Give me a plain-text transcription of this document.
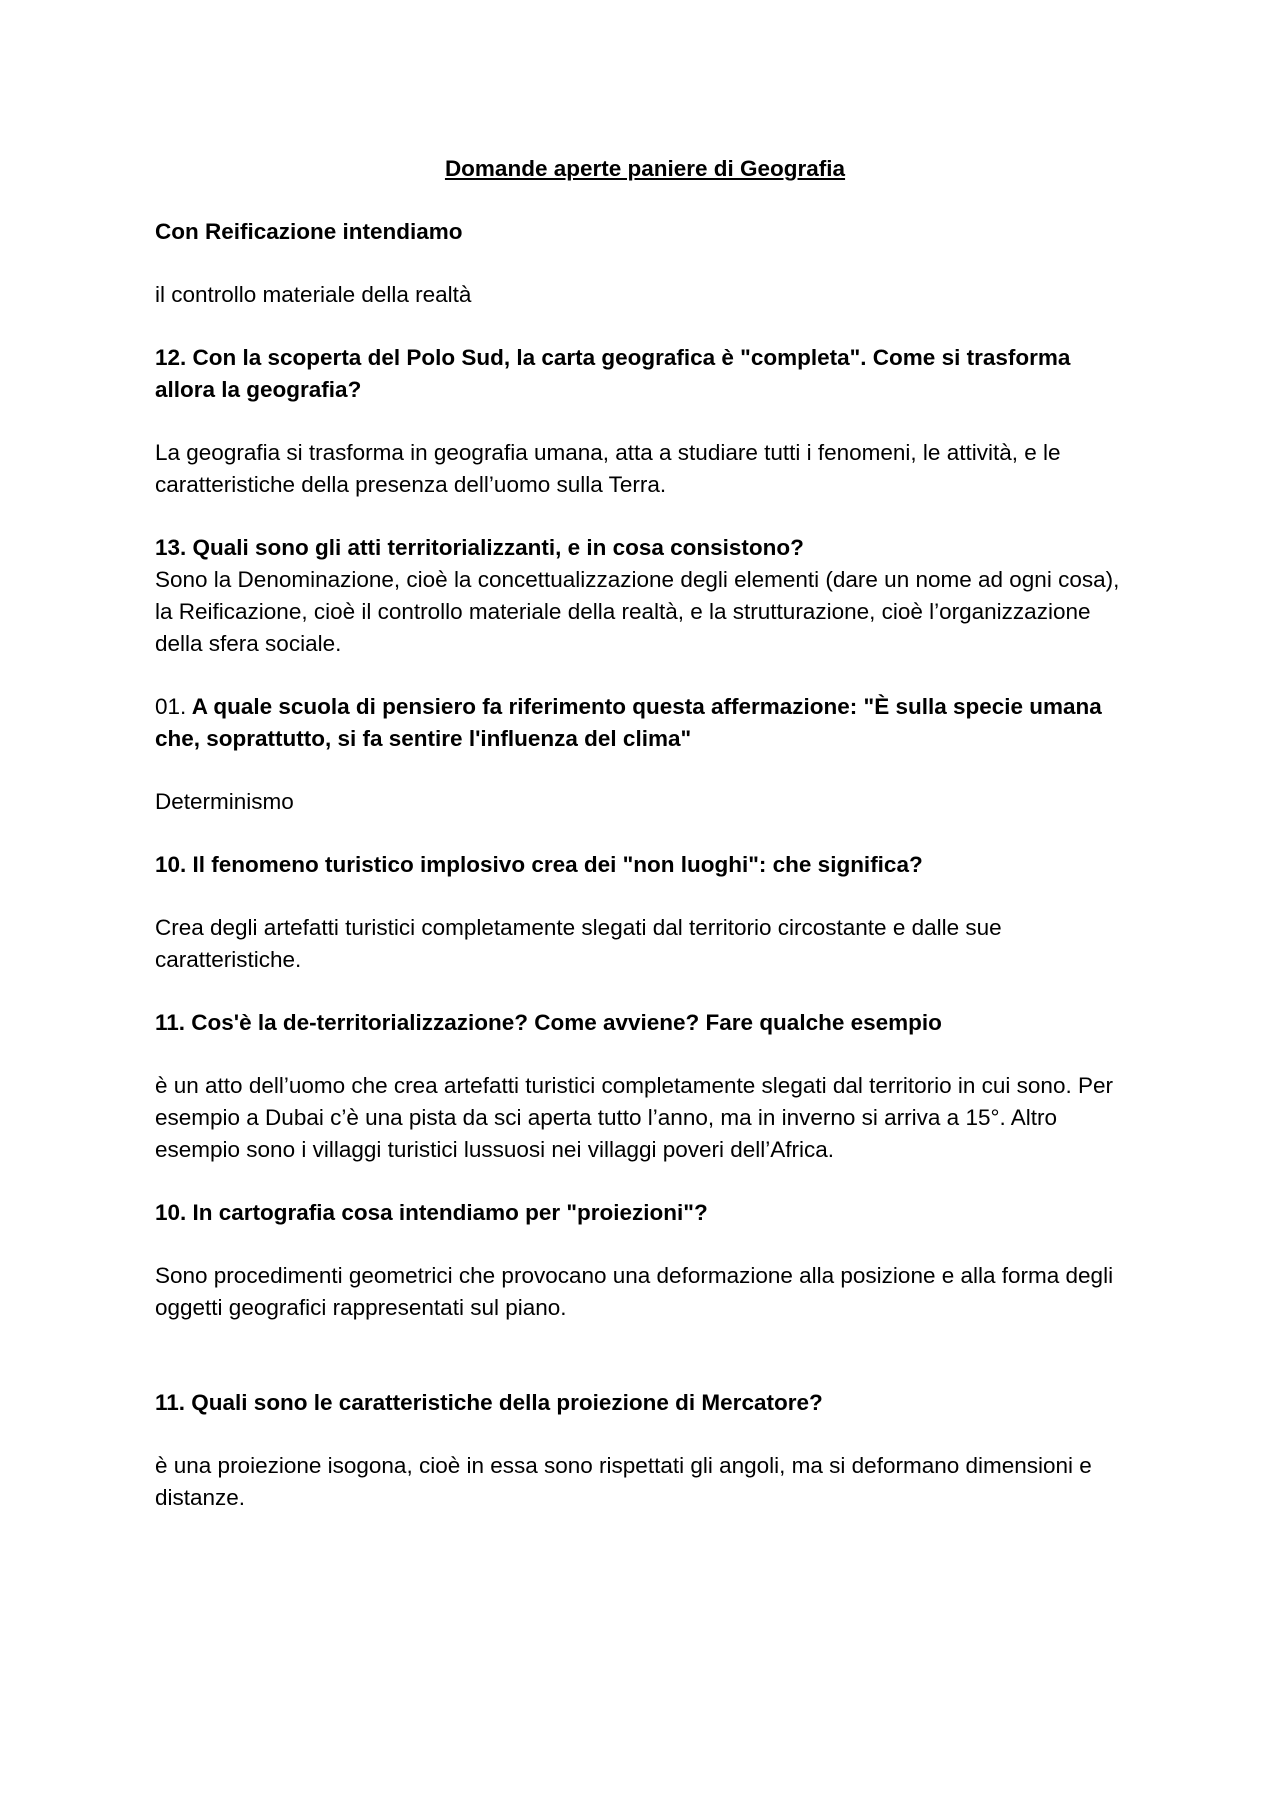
Domande aperte paniere di Geografia

Con Reificazione intendiamo

il controllo materiale della realtà

12. Con la scoperta del Polo Sud, la carta geografica è "completa". Come si trasforma allora la geografia?

La geografia si trasforma in geografia umana, atta a studiare tutti i fenomeni, le attività, e le caratteristiche della presenza dell’uomo sulla Terra.

13. Quali sono gli atti territorializzanti, e in cosa consistono?

Sono la Denominazione, cioè la concettualizzazione degli elementi (dare un nome ad ogni cosa), la Reificazione, cioè il controllo materiale della realtà, e la strutturazione, cioè l’organizzazione della sfera sociale.

01. A quale scuola di pensiero fa riferimento questa affermazione: "È sulla specie umana che, soprattutto, si fa sentire l'influenza del clima"

Determinismo

10. Il fenomeno turistico implosivo crea dei "non luoghi": che significa?

Crea degli artefatti turistici completamente slegati dal territorio circostante e dalle sue caratteristiche.

11. Cos'è la de-territorializzazione? Come avviene? Fare qualche esempio

è un atto dell’uomo che crea artefatti turistici completamente slegati dal territorio in cui sono. Per esempio a Dubai c’è una pista da sci aperta tutto l’anno, ma in inverno si arriva a 15°. Altro esempio sono i villaggi turistici lussuosi nei villaggi poveri dell’Africa.

10. In cartografia cosa intendiamo per "proiezioni"?

Sono procedimenti geometrici che provocano una deformazione alla posizione e alla forma degli oggetti geografici rappresentati sul piano.

11. Quali sono le caratteristiche della proiezione di Mercatore?

è una proiezione isogona, cioè in essa sono rispettati gli angoli, ma si deformano dimensioni e distanze.
